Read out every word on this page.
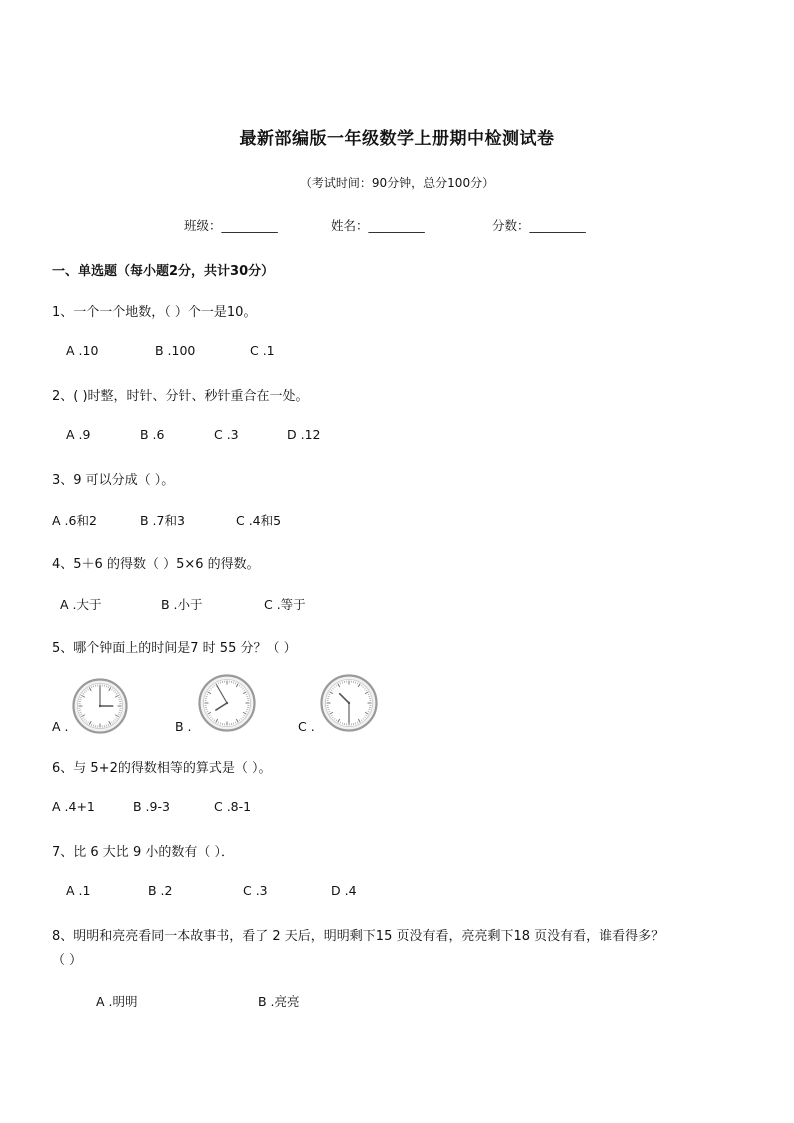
最新部编版一年级数学上册期中检测试卷
（考试时间：90分钟，总分100分）
班级：_________	姓名：_________	分数：_________
一、单选题（每小题2分，共计30分）
1、一个一个地数，（ ）个一是10。
A .10	B .100	C .1
2、( )时整，时针、分针、秒针重合在一处。
A .9	B .6	C .3	D .12
3、9 可以分成（ ）。
A .6和2	B .7和3	C .4和5
4、5＋6 的得数（ ）5×6 的得数。
A .大于	B .小于	C .等于
5、哪个钟面上的时间是7 时 55 分？（ ）
A .	B .	C .
6、与 5+2的得数相等的算式是（ ）。
A .4+1	B .9-3	C .8-1
7、比 6 大比 9 小的数有（ ）．
A .1	B .2	C .3	D .4
8、明明和亮亮看同一本故事书，看了 2 天后，明明剩下15 页没有看，亮亮剩下18 页没有看，谁看得多？
（ ）
A .明明	B .亮亮
